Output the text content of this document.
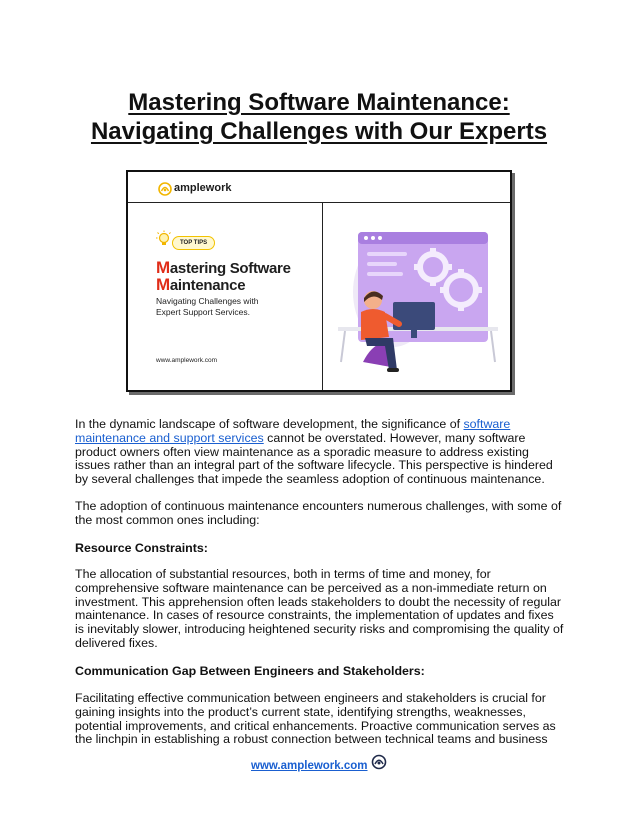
Mastering Software Maintenance:
Navigating Challenges with Our Experts
amplework
TOP TIPS
Mastering Software
Maintenance
Navigating Challenges with
Expert Support Services.
www.amplework.com
In the dynamic landscape of software development, the significance of software maintenance and support services cannot be overstated. However, many software product owners often view maintenance as a sporadic measure to address existing issues rather than an integral part of the software lifecycle. This perspective is hindered by several challenges that impede the seamless adoption of continuous maintenance.
The adoption of continuous maintenance encounters numerous challenges, with some of the most common ones including:
Resource Constraints:
The allocation of substantial resources, both in terms of time and money, for comprehensive software maintenance can be perceived as a non-immediate return on investment. This apprehension often leads stakeholders to doubt the necessity of regular maintenance. In cases of resource constraints, the implementation of updates and fixes is inevitably slower, introducing heightened security risks and compromising the quality of delivered fixes.
Communication Gap Between Engineers and Stakeholders:
Facilitating effective communication between engineers and stakeholders is crucial for gaining insights into the product’s current state, identifying strengths, weaknesses, potential improvements, and critical enhancements. Proactive communication serves as the linchpin in establishing a robust connection between technical teams and business
www.amplework.com
